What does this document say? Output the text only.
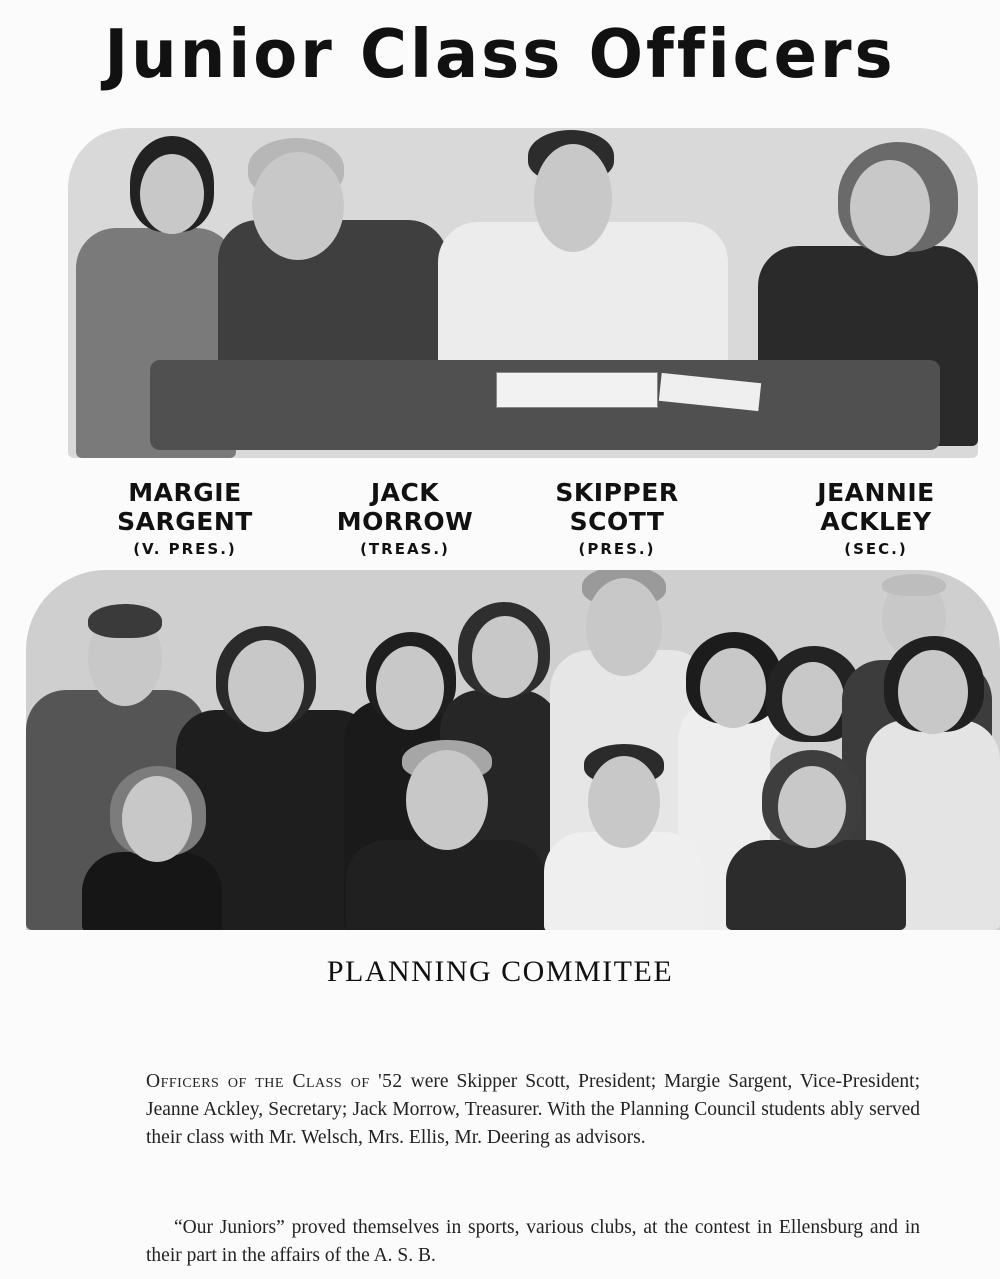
Junior Class Officers
MARGIE SARGENT
(V. PRES.)
JACK MORROW
(TREAS.)
SKIPPER SCOTT
(PRES.)
JEANNIE ACKLEY
(SEC.)
PLANNING COMMITEE

Officers of the Class of '52 were Skipper Scott, President; Margie Sargent, Vice-President; Jeanne Ackley, Secretary; Jack Morrow, Treasurer. With the Planning Council students ably served their class with Mr. Welsch, Mrs. Ellis, Mr. Deering as advisors.

“Our Juniors” proved themselves in sports, various clubs, at the contest in Ellensburg and in their part in the affairs of the A. S. B.
